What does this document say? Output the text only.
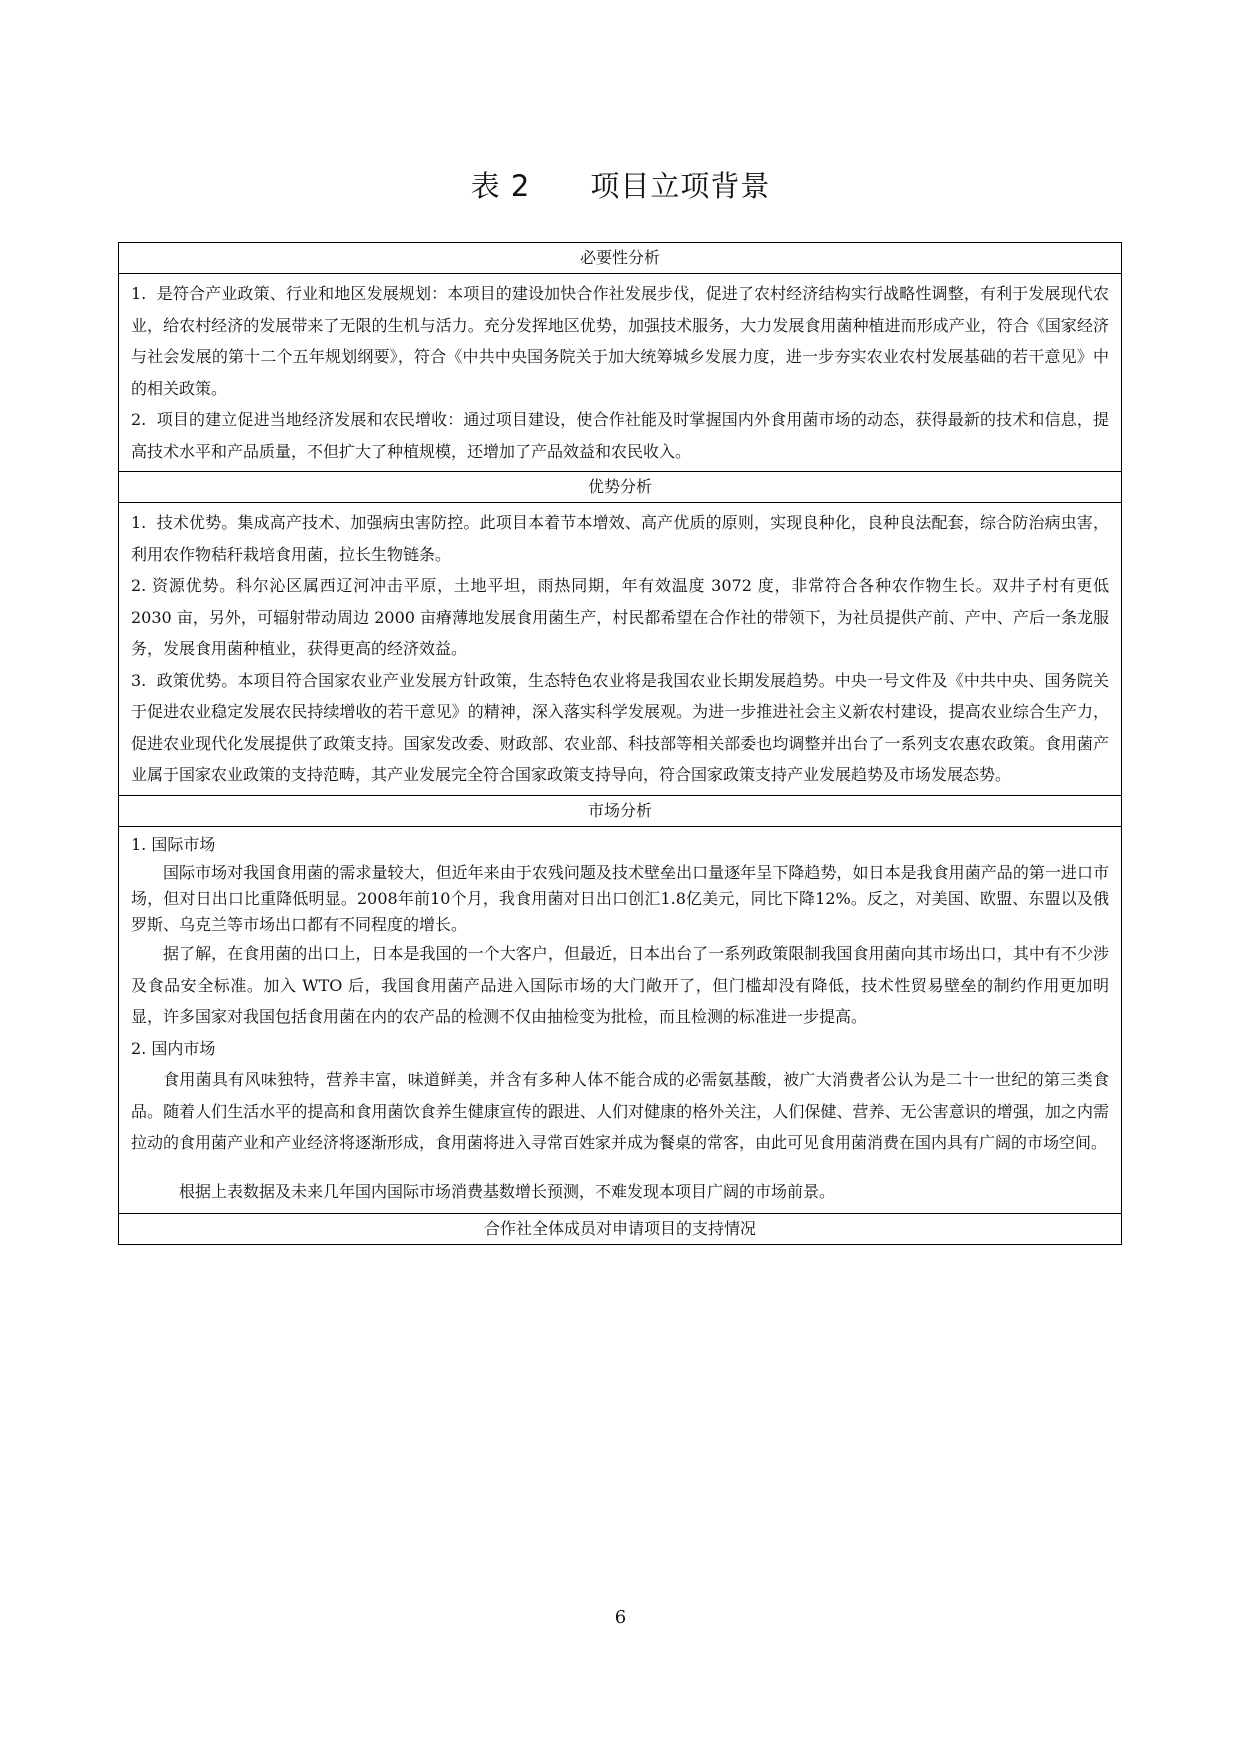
表 2 项目立项背景
必要性分析

1.  是符合产业政策、行业和地区发展规划：本项目的建设加快合作社发展步伐，促进了农村经济结构实行战略性调整，有利于发展现代农业，给农村经济的发展带来了无限的生机与活力。充分发挥地区优势，加强技术服务，大力发展食用菌种植进而形成产业，符合《国家经济与社会发展的第十二个五年规划纲要》，符合《中共中央国务院关于加大统筹城乡发展力度，进一步夯实农业农村发展基础的若干意见》中的相关政策。

2.  项目的建立促进当地经济发展和农民增收：通过项目建设，使合作社能及时掌握国内外食用菌市场的动态，获得最新的技术和信息，提高技术水平和产品质量，不但扩大了种植规模，还增加了产品效益和农民收入。

优势分析

1.  技术优势。集成高产技术、加强病虫害防控。此项目本着节本增效、高产优质的原则，实现良种化，良种良法配套，综合防治病虫害，利用农作物秸秆栽培食用菌，拉长生物链条。

2. 资源优势。科尔沁区属西辽河冲击平原，土地平坦，雨热同期，年有效温度 3072 度，非常符合各种农作物生长。双井子村有更低 2030 亩，另外，可辐射带动周边 2000 亩瘠薄地发展食用菌生产，村民都希望在合作社的带领下，为社员提供产前、产中、产后一条龙服务，发展食用菌种植业，获得更高的经济效益。

3.  政策优势。本项目符合国家农业产业发展方针政策，生态特色农业将是我国农业长期发展趋势。中央一号文件及《中共中央、国务院关于促进农业稳定发展农民持续增收的若干意见》的精神，深入落实科学发展观。为进一步推进社会主义新农村建设，提高农业综合生产力，促进农业现代化发展提供了政策支持。国家发改委、财政部、农业部、科技部等相关部委也均调整并出台了一系列支农惠农政策。食用菌产业属于国家农业政策的支持范畴，其产业发展完全符合国家政策支持导向，符合国家政策支持产业发展趋势及市场发展态势。

市场分析

1. 国际市场

国际市场对我国食用菌的需求量较大，但近年来由于农残问题及技术壁垒出口量逐年呈下降趋势，如日本是我食用菌产品的第一进口市场，但对日出口比重降低明显。2008年前10个月，我食用菌对日出口创汇1.8亿美元，同比下降12%。反之，对美国、欧盟、东盟以及俄罗斯、乌克兰等市场出口都有不同程度的增长。

据了解，在食用菌的出口上，日本是我国的一个大客户，但最近，日本出台了一系列政策限制我国食用菌向其市场出口，其中有不少涉及食品安全标准。加入 WTO 后，我国食用菌产品进入国际市场的大门敞开了，但门槛却没有降低，技术性贸易壁垒的制约作用更加明显，许多国家对我国包括食用菌在内的农产品的检测不仅由抽检变为批检，而且检测的标准进一步提高。

2. 国内市场

食用菌具有风味独特，营养丰富，味道鲜美，并含有多种人体不能合成的必需氨基酸，被广大消费者公认为是二十一世纪的第三类食品。随着人们生活水平的提高和食用菌饮食养生健康宣传的跟进、人们对健康的格外关注，人们保健、营养、无公害意识的增强，加之内需拉动的食用菌产业和产业经济将逐渐形成，食用菌将进入寻常百姓家并成为餐桌的常客，由此可见食用菌消费在国内具有广阔的市场空间。

根据上表数据及未来几年国内国际市场消费基数增长预测，不难发现本项目广阔的市场前景。

合作社全体成员对申请项目的支持情况
6
